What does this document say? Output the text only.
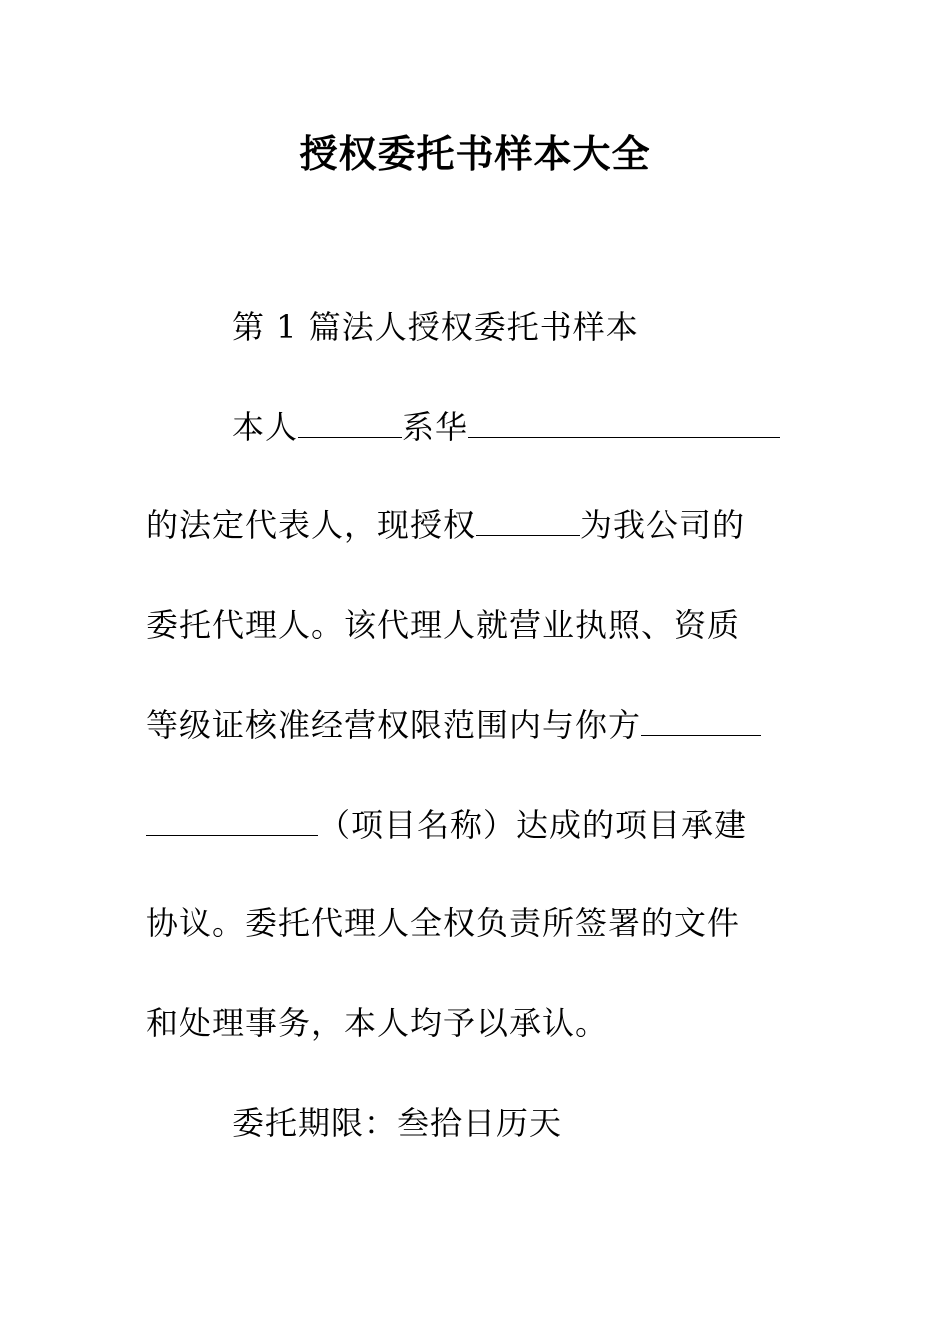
授权委托书样本大全
第 1 篇法人授权委托书样本
本人	系华
的法定代表人，现授权	为我公司的
委托代理人。该代理人就营业执照、资质
等级证核准经营权限范围内与你方
（项目名称）达成的项目承建
协议。委托代理人全权负责所签署的文件
和处理事务，本人均予以承认。
委托期限：叁拾日历天
